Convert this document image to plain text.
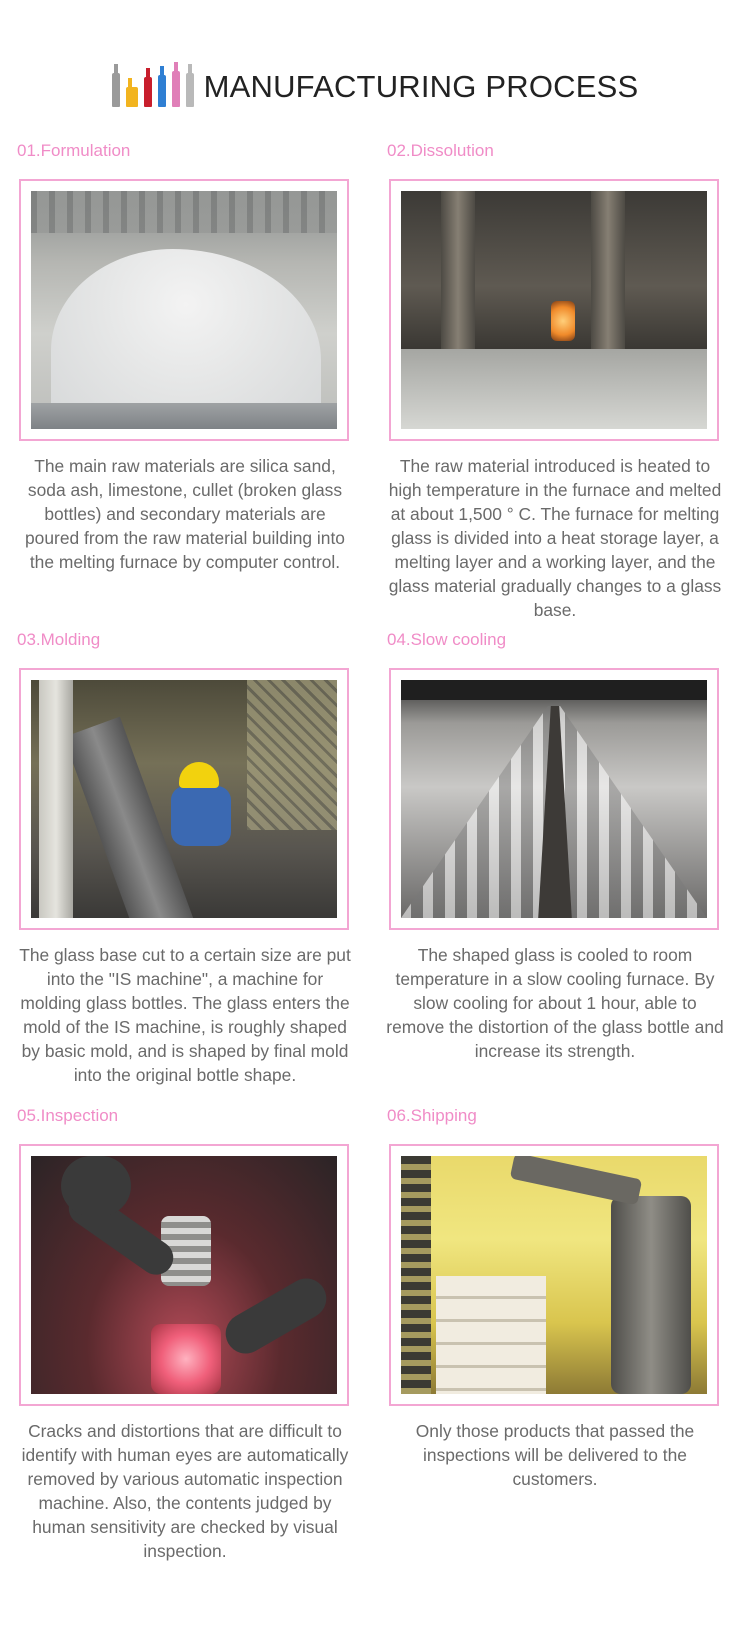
MANUFACTURING PROCESS
01.Formulation
The main raw materials are silica sand, soda ash, limestone, cullet (broken glass bottles) and secondary materials are poured from the raw material building into the melting furnace by computer control.
02.Dissolution
The raw material introduced is heated to high temperature in the furnace and melted at about 1,500 ° C. The furnace for melting glass is divided into a heat storage layer, a melting layer and a working layer, and the glass material gradually changes to a glass base.
03.Molding
The glass base cut to a certain size are put into the "IS machine", a machine for molding glass bottles. The glass enters the mold of the IS machine, is roughly shaped by basic mold, and is shaped by final mold into the original bottle shape.
04.Slow cooling
The shaped glass is cooled to room temperature in a slow cooling furnace. By slow cooling for about 1 hour, able to remove the distortion of the glass bottle and increase its strength.
05.Inspection
Cracks and distortions that are difficult to identify with human eyes are automatically removed by various automatic inspection machine. Also, the contents judged by human sensitivity are checked by visual inspection.
06.Shipping
Only those products that passed the inspections will be delivered to the customers.
